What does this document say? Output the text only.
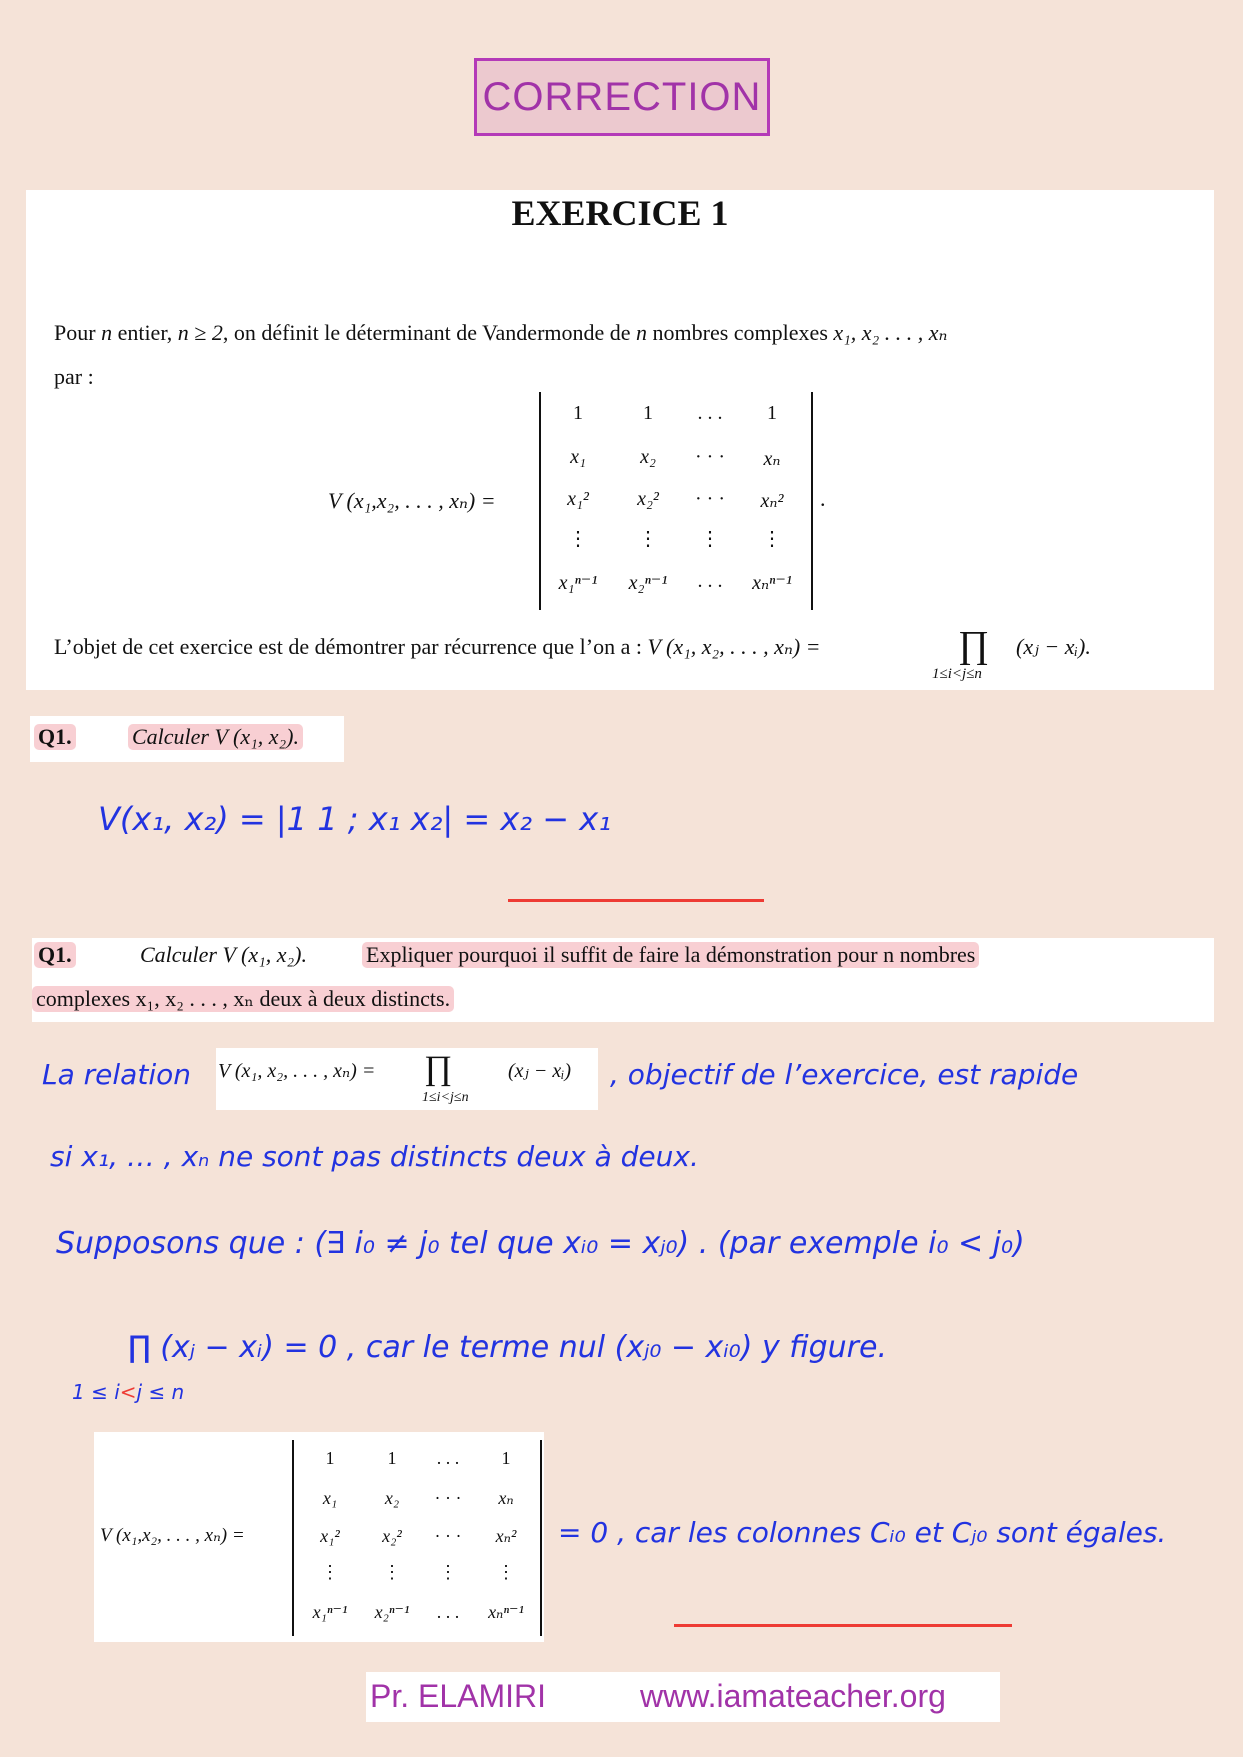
CORRECTION
EXERCICE 1
Pour n entier, n ≥ 2, on définit le déterminant de Vandermonde de n nombres complexes x₁, x₂ . . . , xₙ
par :
V (x₁,x₂, . . . , xₙ) =
1	1	. . .	1
x₁	x₂	· · ·	xₙ
x₁²	x₂²	· · ·	xₙ²
⋮	⋮	⋮	⋮
x₁ⁿ⁻¹	x₂ⁿ⁻¹	. . .	xₙⁿ⁻¹
.
L’objet de cet exercice est de démontrer par récurrence que l’on a : V (x₁, x₂, . . . , xₙ) =	∏
1≤i<j≤n
(xⱼ − xᵢ).
Q1.	Calculer V (x₁, x₂).
V(x₁, x₂) = |1 1 ; x₁ x₂| = x₂ − x₁
Q1.	Calculer V (x₁, x₂).	Expliquer pourquoi il suffit de faire la démonstration pour n nombres
complexes x₁, x₂ . . . , xₙ deux à deux distincts.
La relation V (x₁, x₂, . . . , xₙ) = ∏
1≤i<j≤n
(xⱼ − xᵢ) , objectif de l’exercice, est rapide
si x₁, … , xₙ ne sont pas distincts deux à deux.
Supposons que : (∃ i₀ ≠ j₀ tel que xᵢ₀ = xⱼ₀) . (par exemple i₀ < j₀)
∏ (xⱼ − xᵢ) = 0 , car le terme nul (xⱼ₀ − xᵢ₀) y figure.
1 ≤ i<j ≤ n
V (x₁,x₂, . . . , xₙ) =
1	1	. . .	1
x₁	x₂	· · ·	xₙ
x₁²	x₂²	· · ·	xₙ²
⋮	⋮	⋮	⋮
x₁ⁿ⁻¹	x₂ⁿ⁻¹	. . .	xₙⁿ⁻¹
= 0 , car les colonnes Cᵢ₀ et Cⱼ₀ sont égales.
Pr. ELAMIRI	www.iamateacher.org
